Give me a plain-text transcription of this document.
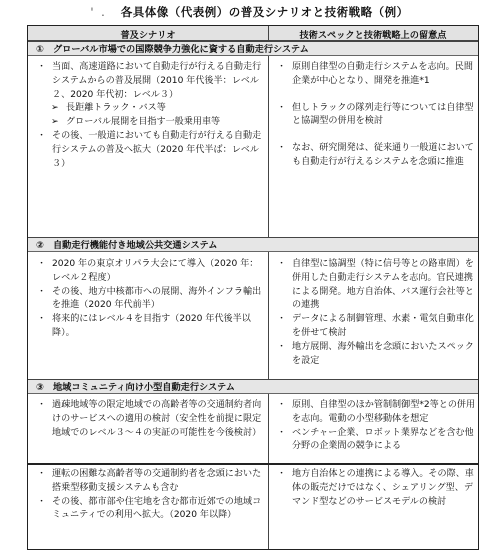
' . 各具体像（代表例）の普及シナリオと技術戦略（例）
普及シナリオ	技術スペックと技術戦略上の留意点
①　グローバル市場での国際競争力強化に資する自動走行システム
・ 当面、高速道路において自動走行が行える自動走行システムからの普及展開（2010 年代後半：レベル２、2020 年代初：レベル３）
➢ 長距離トラック・バス等
➢ グローバル展開を目指す一般乗用車等
・ その後、一般道においても自動走行が行える自動走行システムの普及へ拡大（2020 年代半ば：レベル３）
・ 原則自律型の自動走行システムを志向。民間企業が中心となり、開発を推進*1
・ 但しトラックの隊列走行等については自律型と協調型の併用を検討
・ なお、研究開発は、従来通り一般道においても自動走行が行えるシステムを念頭に推進
②　自動走行機能付き地域公共交通システム
・ 2020 年の東京オリパラ大会にて導入（2020 年：レベル２程度）
・ その後、地方中核都市への展開、海外インフラ輸出を推進（2020 年代前半）
・ 将来的にはレベル４を目指す（2020 年代後半以降）。
・ 自律型に協調型（特に信号等との路車間）を併用した自動走行システムを志向。官民連携による開発。地方自治体、バス運行会社等との連携
・ データによる制御管理、水素・電気自動車化を併せて検討
・ 地方展開、海外輸出を念頭においたスペックを設定
③　地域コミュニティ向け小型自動走行システム
・ 過疎地域等の限定地域での高齢者等の交通制約者向けのサービスへの適用の検討（安全性を前提に限定地域でのレベル３～４の実証の可能性を今後検討）
・ 原則、自律型のほか管制制御型*2等との併用を志向。電動の小型移動体を想定
・ ベンチャー企業、ロボット業界などを含む他分野の企業間の競争による
・ 運転の困難な高齢者等の交通制約者を念頭においた搭乗型移動支援システムも含む
・ その後、都市部や住宅地を含む都市近郊での地域コミュニティでの利用へ拡大。（2020 年以降）
・ 地方自治体との連携による導入。その際、車体の販売だけではなく、シェアリング型、デマンド型などのサービスモデルの検討
